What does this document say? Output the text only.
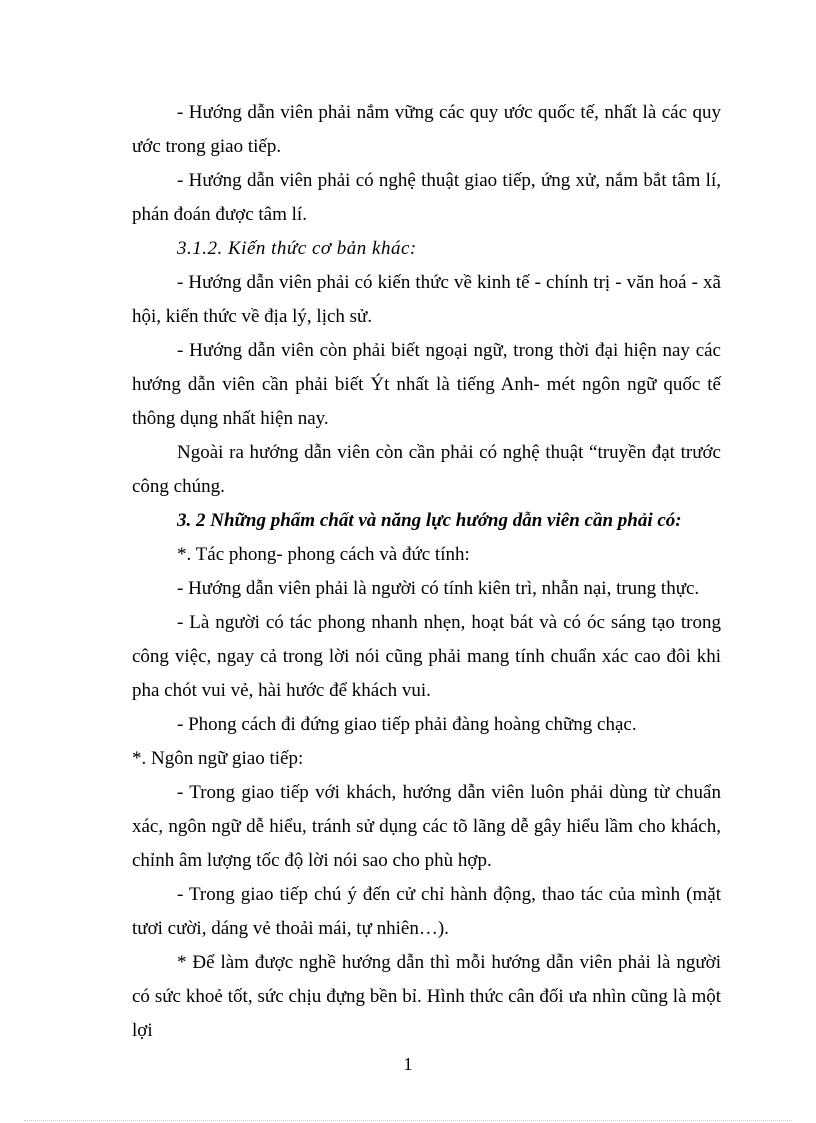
- Hướng dẫn viên phải nắm vững các quy ước quốc tế, nhất là các quy ước trong giao tiếp.

- Hướng dẫn viên phải có nghệ thuật giao tiếp, ứng xử, nắm bắt tâm lí, phán đoán được tâm lí.

3.1.2. Kiến thức cơ bản khác:

- Hướng dẫn viên phải có kiến thức về kinh tế - chính trị - văn hoá - xã hội, kiến thức về địa lý, lịch sử.

- Hướng dẫn viên còn phải biết ngoại ngữ, trong thời đại hiện nay các hướng dẫn viên cần phải biết Ýt nhất là tiếng Anh- mét ngôn ngữ quốc tế thông dụng nhất hiện nay.

Ngoài ra hướng dẫn viên còn cần phải có nghệ thuật “truyền đạt trước công chúng.

3. 2 Những phẩm chất và năng lực hướng dẫn viên cần phải có:

*. Tác phong- phong cách và đức tính:

- Hướng dẫn viên phải là người có tính kiên trì, nhẫn nại, trung thực.

- Là người có tác phong nhanh nhẹn, hoạt bát và có óc sáng tạo trong công việc, ngay cả trong lời nói cũng phải mang tính chuẩn xác cao đôi khi pha chót vui vẻ, hài hước để khách vui.

- Phong cách đi đứng giao tiếp phải đàng hoàng chững chạc.

*. Ngôn ngữ giao tiếp:

- Trong giao tiếp với khách, hướng dẫn viên luôn phải dùng từ chuẩn xác, ngôn ngữ dễ hiểu, tránh sử dụng các tõ lãng dễ gây hiểu lầm cho khách, chỉnh âm lượng tốc độ lời nói sao cho phù hợp.

- Trong giao tiếp chú ý đến cử chỉ hành động, thao tác của mình (mặt tươi cười, dáng vẻ thoải mái, tự nhiên…).

* Để làm được nghề hướng dẫn thì mỗi hướng dẫn viên phải là người có sức khoẻ tốt, sức chịu đựng bền bỉ. Hình thức cân đối ưa nhìn cũng là một lợi

1
